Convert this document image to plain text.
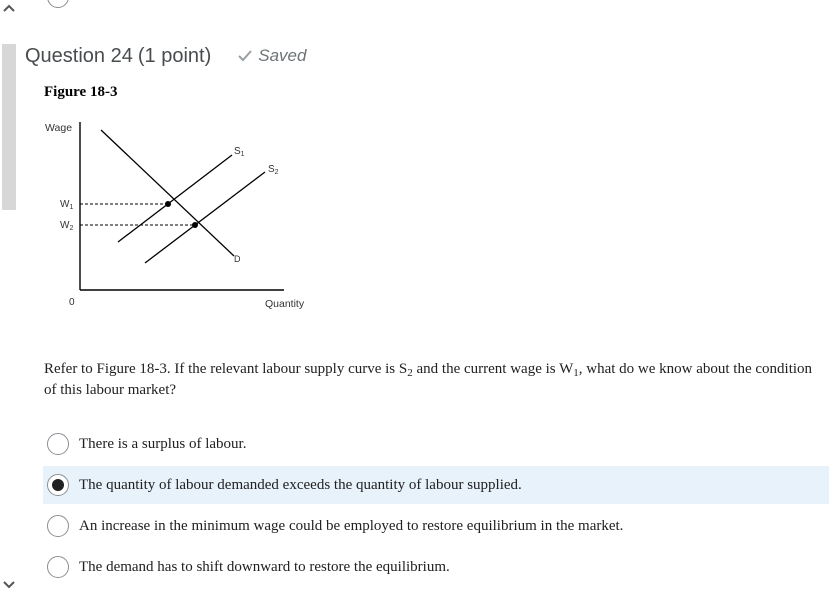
Question 24 (1 point)	Saved
Figure 18-3
Wage
Quantity
0
$W_1$
$W_2$
D
$S_1$
$S_2$
Refer to Figure 18-3. If the relevant labour supply curve is $S_2$ and the current wage is $W_1$, what do we know about the condition of this labour market?
There is a surplus of labour.
The quantity of labour demanded exceeds the quantity of labour supplied.
An increase in the minimum wage could be employed to restore equilibrium in the market.
The demand has to shift downward to restore the equilibrium.
